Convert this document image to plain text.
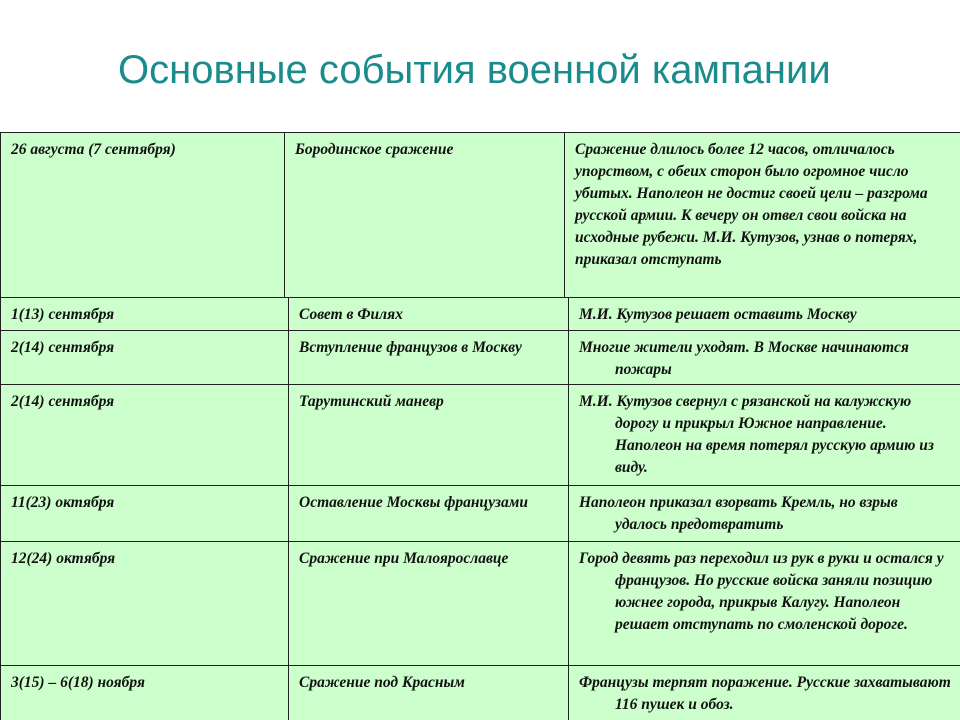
Основные события военной кампании
26 августа (7 сентября)	Бородинское сражение	Сражение длилось более 12 часов, отличалось упорством, с обеих сторон было огромное число убитых. Наполеон не достиг своей цели – разгрома русской армии. К вечеру он отвел свои войска на исходные рубежи. М.И. Кутузов, узнав о потерях, приказал отступать
1(13) сентября	Совет в Филях	М.И. Кутузов решает оставить Москву
2(14) сентября	Вступление французов в Москву	Многие жители уходят. В Москве начинаются пожары
2(14) сентября	Тарутинский маневр	М.И. Кутузов свернул с рязанской на калужскую дорогу и прикрыл Южное направление. Наполеон на время потерял русскую армию из виду.
11(23) октября	Оставление Москвы французами	Наполеон приказал взорвать Кремль, но взрыв удалось предотвратить
12(24) октября	Сражение при Малоярославце	Город девять раз переходил из рук в руки и остался у французов. Но русские войска заняли позицию южнее города, прикрыв Калугу. Наполеон решает отступать по смоленской дороге.
3(15) – 6(18) ноября	Сражение под Красным	Французы терпят поражение. Русские захватывают 116 пушек и обоз.
